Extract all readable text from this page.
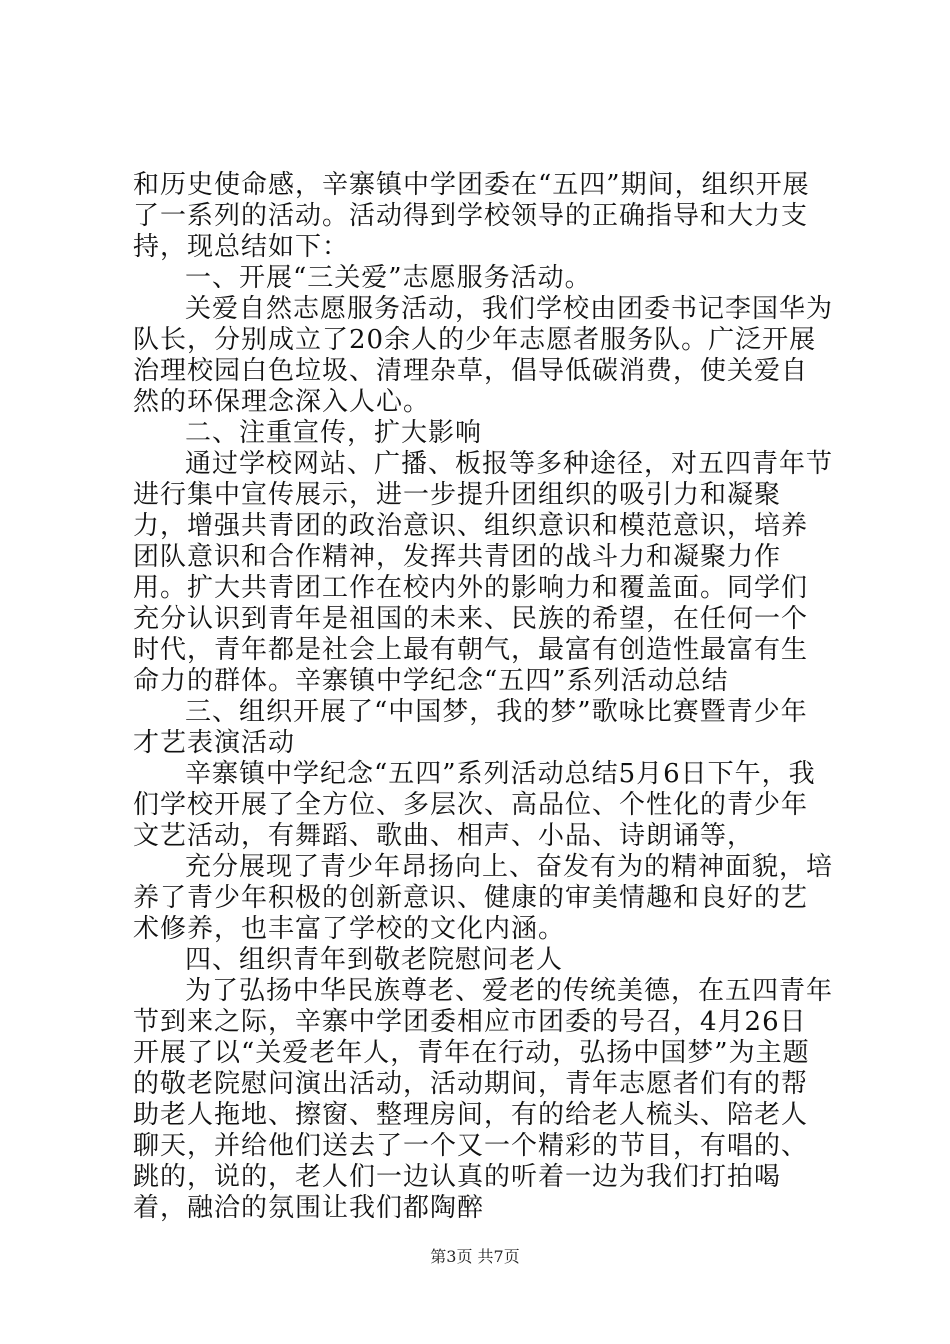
和历史使命感，辛寨镇中学团委在“五四”期间，组织开展了一系列的活动。活动得到学校领导的正确指导和大力支持，现总结如下：

一、开展“三关爱”志愿服务活动。

关爱自然志愿服务活动，我们学校由团委书记李国华为队长，分别成立了20余人的少年志愿者服务队。广泛开展治理校园白色垃圾、清理杂草，倡导低碳消费，使关爱自然的环保理念深入人心。

二、注重宣传，扩大影响

通过学校网站、广播、板报等多种途径，对五四青年节进行集中宣传展示，进一步提升团组织的吸引力和凝聚力，增强共青团的政治意识、组织意识和模范意识，培养团队意识和合作精神，发挥共青团的战斗力和凝聚力作用。扩大共青团工作在校内外的影响力和覆盖面。同学们充分认识到青年是祖国的未来、民族的希望，在任何一个时代，青年都是社会上最有朝气，最富有创造性最富有生命力的群体。辛寨镇中学纪念“五四”系列活动总结

三、组织开展了“中国梦，我的梦”歌咏比赛暨青少年才艺表演活动

辛寨镇中学纪念“五四”系列活动总结5月6日下午，我们学校开展了全方位、多层次、高品位、个性化的青少年文艺活动，有舞蹈、歌曲、相声、小品、诗朗诵等，

充分展现了青少年昂扬向上、奋发有为的精神面貌，培养了青少年积极的创新意识、健康的审美情趣和良好的艺术修养，也丰富了学校的文化内涵。

四、组织青年到敬老院慰问老人

为了弘扬中华民族尊老、爱老的传统美德，在五四青年节到来之际，辛寨中学团委相应市团委的号召，4月26日开展了以“关爱老年人，青年在行动，弘扬中国梦”为主题的敬老院慰问演出活动，活动期间，青年志愿者们有的帮助老人拖地、擦窗、整理房间，有的给老人梳头、陪老人聊天，并给他们送去了一个又一个精彩的节目，有唱的、跳的，说的，老人们一边认真的听着一边为我们打拍喝着，融洽的氛围让我们都陶醉

第3页 共7页
